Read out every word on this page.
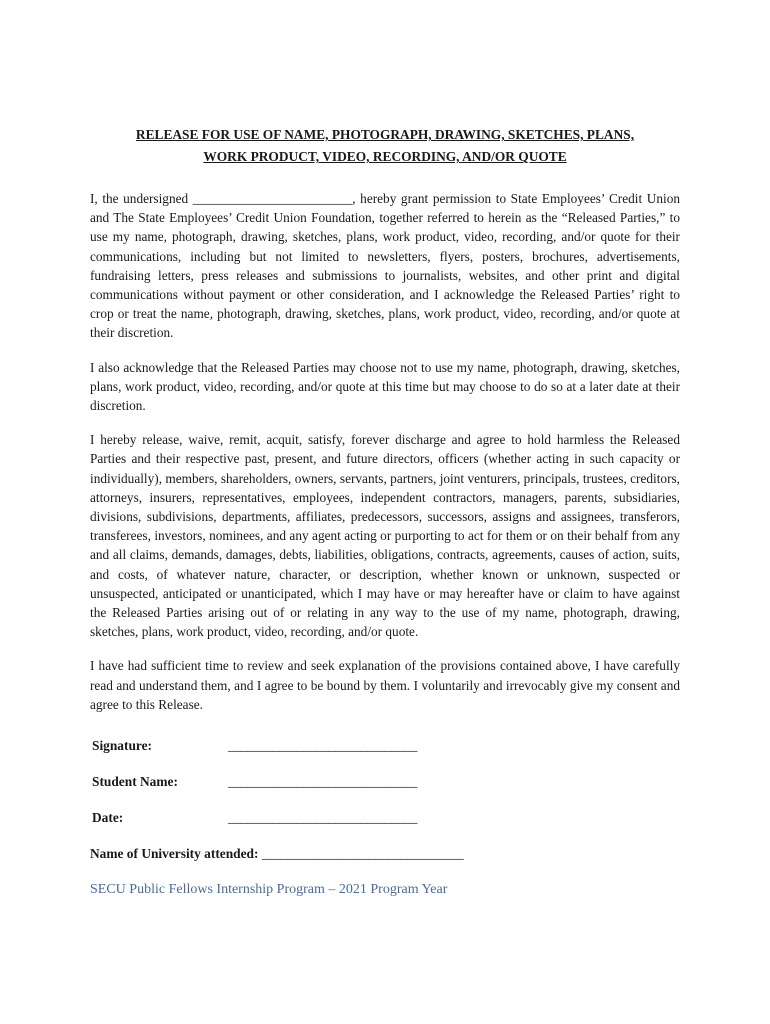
RELEASE FOR USE OF NAME, PHOTOGRAPH, DRAWING, SKETCHES, PLANS,
WORK PRODUCT, VIDEO, RECORDING, AND/OR QUOTE

I, the undersigned ________________________, hereby grant permission to State Employees’ Credit Union and The State Employees’ Credit Union Foundation, together referred to herein as the “Released Parties,” to use my name, photograph, drawing, sketches, plans, work product, video, recording, and/or quote for their communications, including but not limited to newsletters, flyers, posters, brochures, advertisements, fundraising letters, press releases and submissions to journalists, websites, and other print and digital communications without payment or other consideration, and I acknowledge the Released Parties’ right to crop or treat the name, photograph, drawing, sketches, plans, work product, video, recording, and/or quote at their discretion.

I also acknowledge that the Released Parties may choose not to use my name, photograph, drawing, sketches, plans, work product, video, recording, and/or quote at this time but may choose to do so at a later date at their discretion.

I hereby release, waive, remit, acquit, satisfy, forever discharge and agree to hold harmless the Released Parties and their respective past, present, and future directors, officers (whether acting in such capacity or individually), members, shareholders, owners, servants, partners, joint venturers, principals, trustees, creditors, attorneys, insurers, representatives, employees, independent contractors, managers, parents, subsidiaries, divisions, subdivisions, departments, affiliates, predecessors, successors, assigns and assignees, transferors, transferees, investors, nominees, and any agent acting or purporting to act for them or on their behalf from any and all claims, demands, damages, debts, liabilities, obligations, contracts, agreements, causes of action, suits, and costs, of whatever nature, character, or description, whether known or unknown, suspected or unsuspected, anticipated or unanticipated, which I may have or may hereafter have or claim to have against the Released Parties arising out of or relating in any way to the use of my name, photograph, drawing, sketches, plans, work product, video, recording, and/or quote.

I have had sufficient time to review and seek explanation of the provisions contained above, I have carefully read and understand them, and I agree to be bound by them. I voluntarily and irrevocably give my consent and agree to this Release.

Signature:	______________________________
Student Name:	______________________________
Date:	______________________________
Name of University attended: ________________________________
SECU Public Fellows Internship Program – 2021 Program Year
